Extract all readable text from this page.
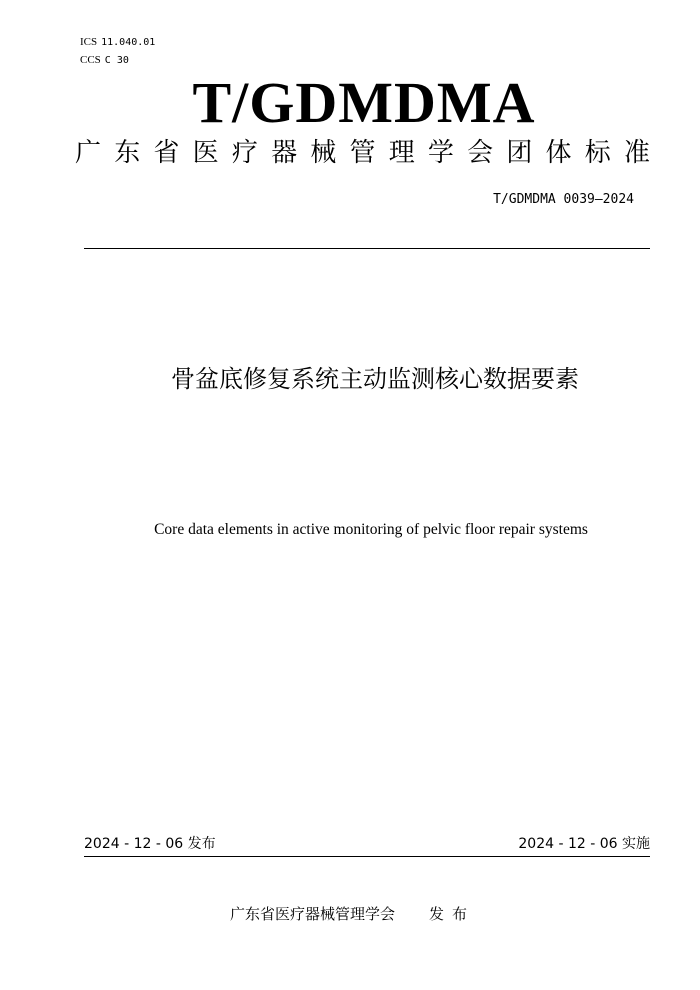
ICS 11.040.01
CCS C 30
T/GDMDMA
广东省医疗器械管理学会团体标准
T/GDMDMA 0039—2024
骨盆底修复系统主动监测核心数据要素
Core data elements in active monitoring of pelvic floor repair systems
2024 - 12 - 06 发布	2024 - 12 - 06 实施
广东省医疗器械管理学会 发布
